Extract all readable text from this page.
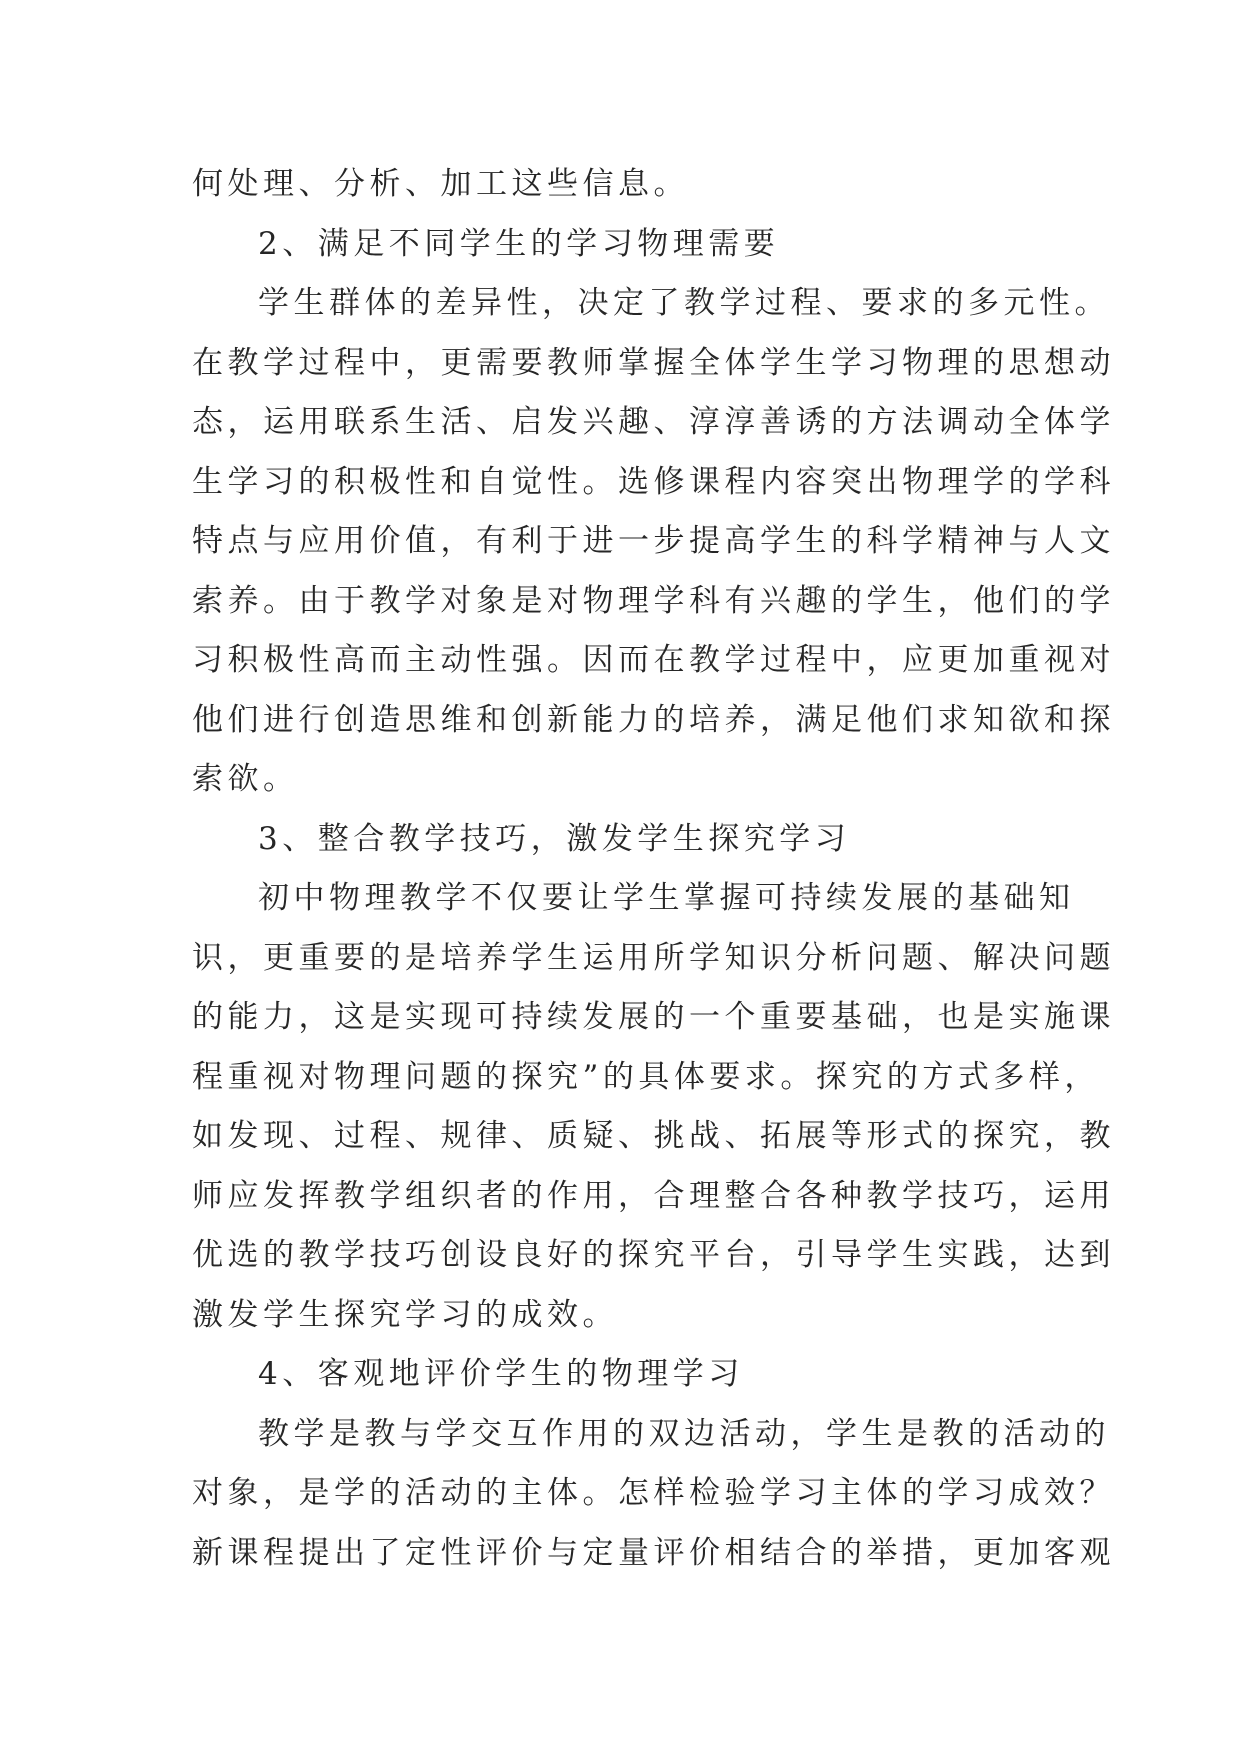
何处理、分析、加工这些信息。
2、满足不同学生的学习物理需要
学生群体的差异性，决定了教学过程、要求的多元性。
在教学过程中，更需要教师掌握全体学生学习物理的思想动
态，运用联系生活、启发兴趣、淳淳善诱的方法调动全体学
生学习的积极性和自觉性。选修课程内容突出物理学的学科
特点与应用价值，有利于进一步提高学生的科学精神与人文
索养。由于教学对象是对物理学科有兴趣的学生，他们的学
习积极性高而主动性强。因而在教学过程中，应更加重视对
他们进行创造思维和创新能力的培养，满足他们求知欲和探
索欲。
3、整合教学技巧，激发学生探究学习
初中物理教学不仅要让学生掌握可持续发展的基础知
识，更重要的是培养学生运用所学知识分析问题、解决问题
的能力，这是实现可持续发展的一个重要基础，也是实施课
程重视对物理问题的探究”的具体要求。探究的方式多样，
如发现、过程、规律、质疑、挑战、拓展等形式的探究，教
师应发挥教学组织者的作用，合理整合各种教学技巧，运用
优选的教学技巧创设良好的探究平台，引导学生实践，达到
激发学生探究学习的成效。
4、客观地评价学生的物理学习
教学是教与学交互作用的双边活动，学生是教的活动的
对象，是学的活动的主体。怎样检验学习主体的学习成效？
新课程提出了定性评价与定量评价相结合的举措，更加客观
